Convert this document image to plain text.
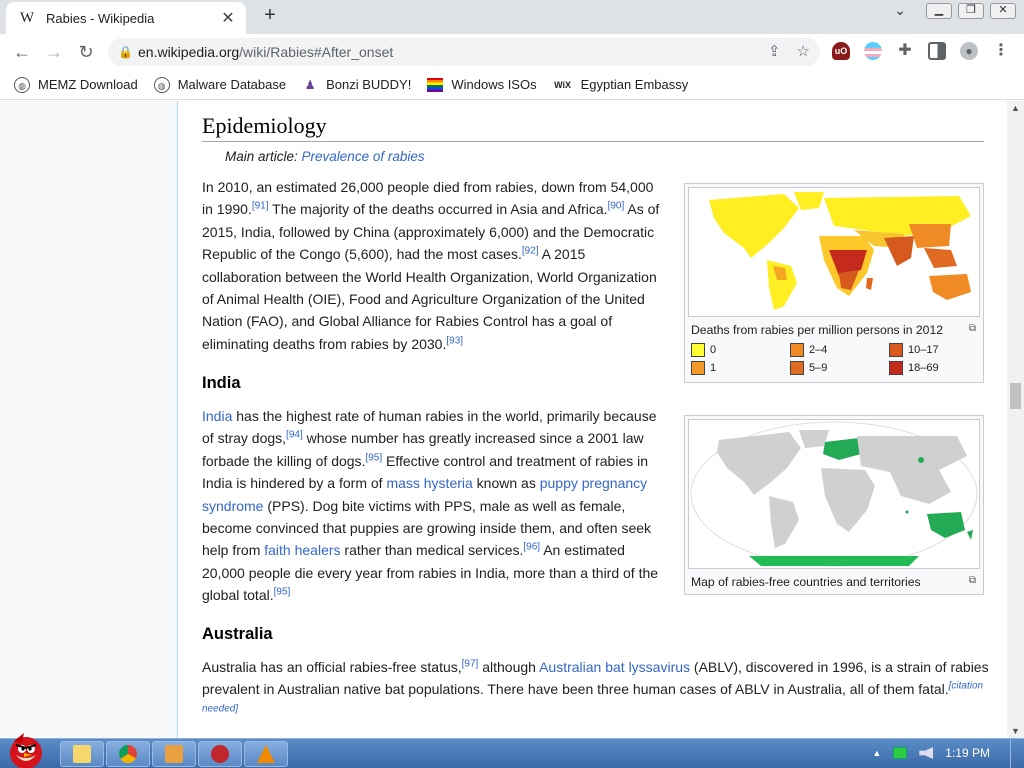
W Rabies - Wikipedia	✕	+	⌄	▁	❐	✕
← → ↻	🔒 en.wikipedia.org /wiki/Rabies#After_onset	⇪ ☆	uO	✚	●	⋮
◍ MEMZ Download	◍ Malware Database ♟ Bonzi BUDDY!	Windows ISOs WiX Egyptian Embassy
Epidemiology
Main article: Prevalence of rabies

In 2010, an estimated 26,000 people died from rabies, down from 54,000 in 1990.[91] The majority of the deaths occurred in Asia and Africa.[90] As of 2015, India, followed by China (approximately 6,000) and the Democratic Republic of the Congo (5,600), had the most cases.[92] A 2015 collaboration between the World Health Organization, World Organization of Animal Health (OIE), Food and Agriculture Organization of the United Nation (FAO), and Global Alliance for Rabies Control has a goal of eliminating deaths from rabies by 2030.[93]

India

India has the highest rate of human rabies in the world, primarily because of stray dogs,[94] whose number has greatly increased since a 2001 law forbade the killing of dogs.[95] Effective control and treatment of rabies in India is hindered by a form of mass hysteria known as puppy pregnancy syndrome (PPS). Dog bite victims with PPS, male as well as female, become convinced that puppies are growing inside them, and often seek help from faith healers rather than medical services.[96] An estimated 20,000 people die every year from rabies in India, more than a third of the global total.[95]

Australia

Australia has an official rabies-free status,[97] although Australian bat lyssavirus (ABLV), discovered in 1996, is a strain of rabies prevalent in Australian native bat populations. There have been three human cases of ABLV in Australia, all of them fatal.[citation needed]

Deaths from rabies per million persons in 2012	⧉
0	2–4	10–17
1	5–9	18–69
Map of rabies-free countries and territories	⧉
▲
▼
▲	1:19 PM
